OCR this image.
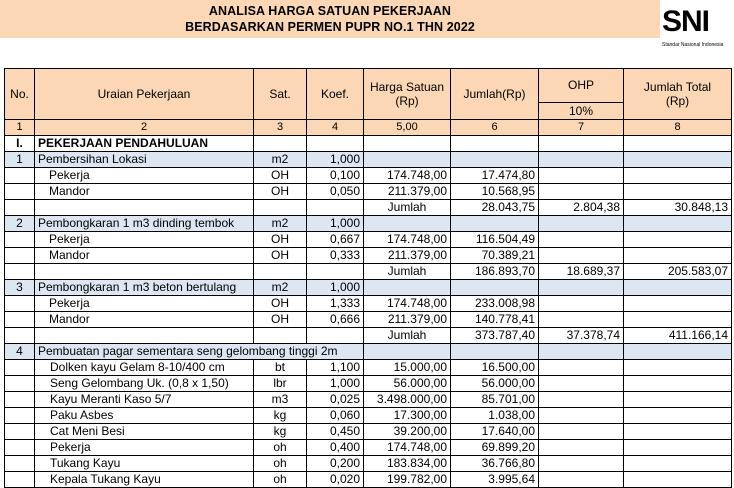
ANALISA HARGA SATUAN PEKERJAAN
BERDASARKAN PERMEN PUPR NO.1 THN 2022	SNI
Standar Nasional Indonesia
No.	Uraian Pekerjaan	Sat.	Koef.	Harga Satuan
(Rp)	Jumlah(Rp)	OHP	Jumlah Total
(Rp)
						10%	
1	2	3	4	5,00	6	7	8
I.	PEKERJAAN PENDAHULUAN						
1	Pembersihan Lokasi	m2	1,000				
	Pekerja	OH	0,100	174.748,00	17.474,80		
	Mandor	OH	0,050	211.379,00	10.568,95		
				Jumlah	28.043,75	2.804,38	30.848,13
2	Pembongkaran 1 m3 dinding tembok	m2	1,000				
	Pekerja	OH	0,667	174.748,00	116.504,49		
	Mandor	OH	0,333	211.379,00	70.389,21		
				Jumlah	186.893,70	18.689,37	205.583,07
3	Pembongkaran 1 m3 beton bertulang	m2	1,000				
	Pekerja	OH	1,333	174.748,00	233.008,98		
	Mandor	OH	0,666	211.379,00	140.778,41		
				Jumlah	373.787,40	37.378,74	411.166,14
4	Pembuatan pagar sementara seng gelombang tinggi 2m						
	Dolken kayu Gelam 8-10/400 cm	bt	1,100	15.000,00	16.500,00		
	Seng Gelombang Uk. (0,8 x 1,50)	lbr	1,000	56.000,00	56.000,00		
	Kayu Meranti Kaso 5/7	m3	0,025	3.498.000,00	85.701,00		
	Paku Asbes	kg	0,060	17.300,00	1.038,00		
	Cat Meni Besi	kg	0,450	39.200,00	17.640,00		
	Pekerja	oh	0,400	174.748,00	69.899,20		
	Tukang Kayu	oh	0,200	183.834,00	36.766,80		
	Kepala Tukang Kayu	oh	0,020	199.782,00	3.995,64		
